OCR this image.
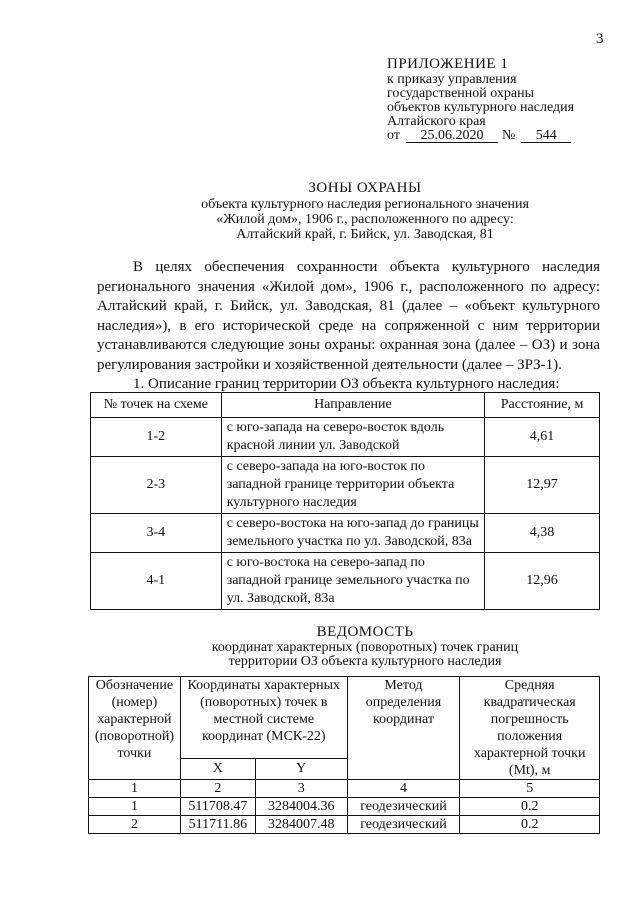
3
ПРИЛОЖЕНИЕ 1
к приказу управления
государственной охраны
объектов культурного наследия
Алтайского края
от	25.06.2020	№	544
ЗОНЫ ОХРАНЫ
объекта культурного наследия регионального значения
«Жилой дом», 1906 г., расположенного по адресу:
Алтайский край, г. Бийск, ул. Заводская, 81

В целях обеспечения сохранности объекта культурного наследия регионального значения «Жилой дом», 1906 г., расположенного по адресу: Алтайский край, г. Бийск, ул. Заводская, 81 (далее – «объект культурного наследия»), в его исторической среде на сопряженной с ним территории устанавливаются следующие зоны охраны: охранная зона (далее – ОЗ) и зона регулирования застройки и хозяйственной деятельности (далее – ЗРЗ-1).

1. Описание границ территории ОЗ объекта культурного наследия:

№ точек на схеме	Направление	Расстояние, м
1-2	с юго-запада на северо-восток вдоль красной линии ул. Заводской	4,61
2-3	с северо-запада на юго-восток по западной границе территории объекта культурного наследия	12,97
3-4	с северо-востока на юго-запад до границы земельного участка по ул. Заводской, 83а	4,38
4-1	с юго-востока на северо-запад по западной границе земельного участка по ул. Заводской, 83а	12,96
ВЕДОМОСТЬ
координат характерных (поворотных) точек границ
территории ОЗ объекта культурного наследия
Обозначение (номер) характерной (поворотной) точки	Координаты характерных (поворотных) точек в местной системе координат (МСК-22)		Метод определения координат	Средняя квадратическая погрешность положения характерной точки (Mt), м
	X	Y		
1	2	3	4	5
1	511708.47	3284004.36	геодезический	0.2
2	511711.86	3284007.48	геодезический	0.2
